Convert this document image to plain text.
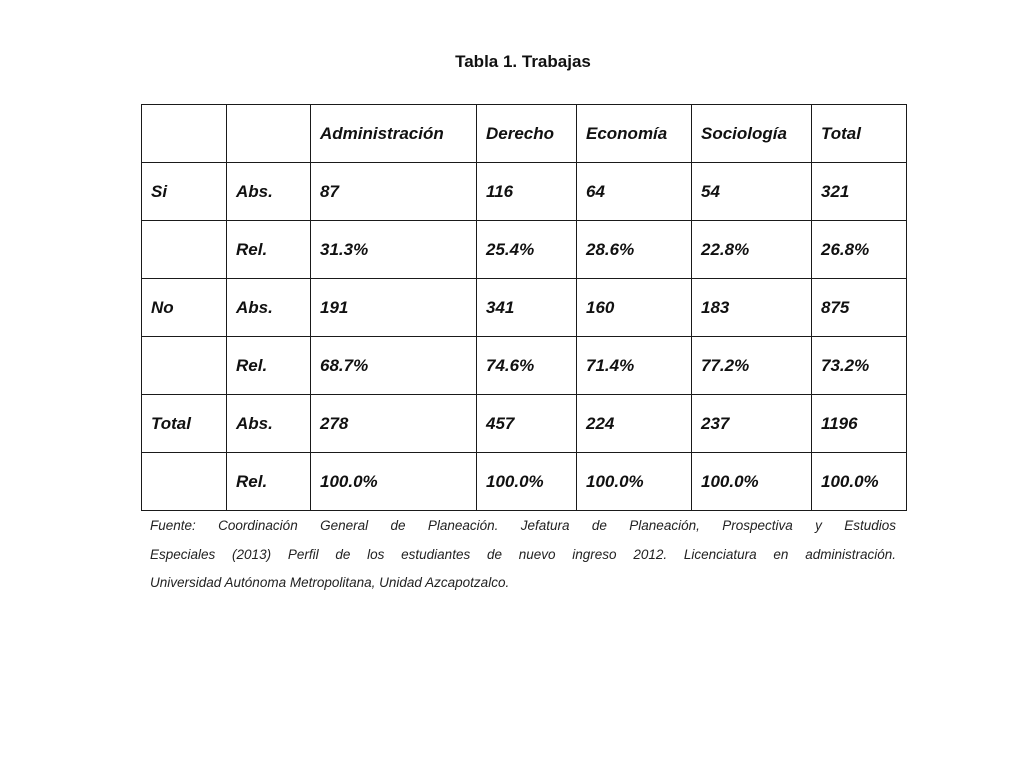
Tabla 1. Trabajas
		Administración	Derecho	Economía	Sociología	Total
Si	Abs.	87	116	64	54	321
	Rel.	31.3%	25.4%	28.6%	22.8%	26.8%
No	Abs.	191	341	160	183	875
	Rel.	68.7%	74.6%	71.4%	77.2%	73.2%
Total	Abs.	278	457	224	237	1196
	Rel.	100.0%	100.0%	100.0%	100.0%	100.0%
Fuente: Coordinación General de Planeación. Jefatura de Planeación, Prospectiva y Estudios
Especiales (2013) Perfil de los estudiantes de nuevo ingreso 2012. Licenciatura en administración.
Universidad Autónoma Metropolitana, Unidad Azcapotzalco.
